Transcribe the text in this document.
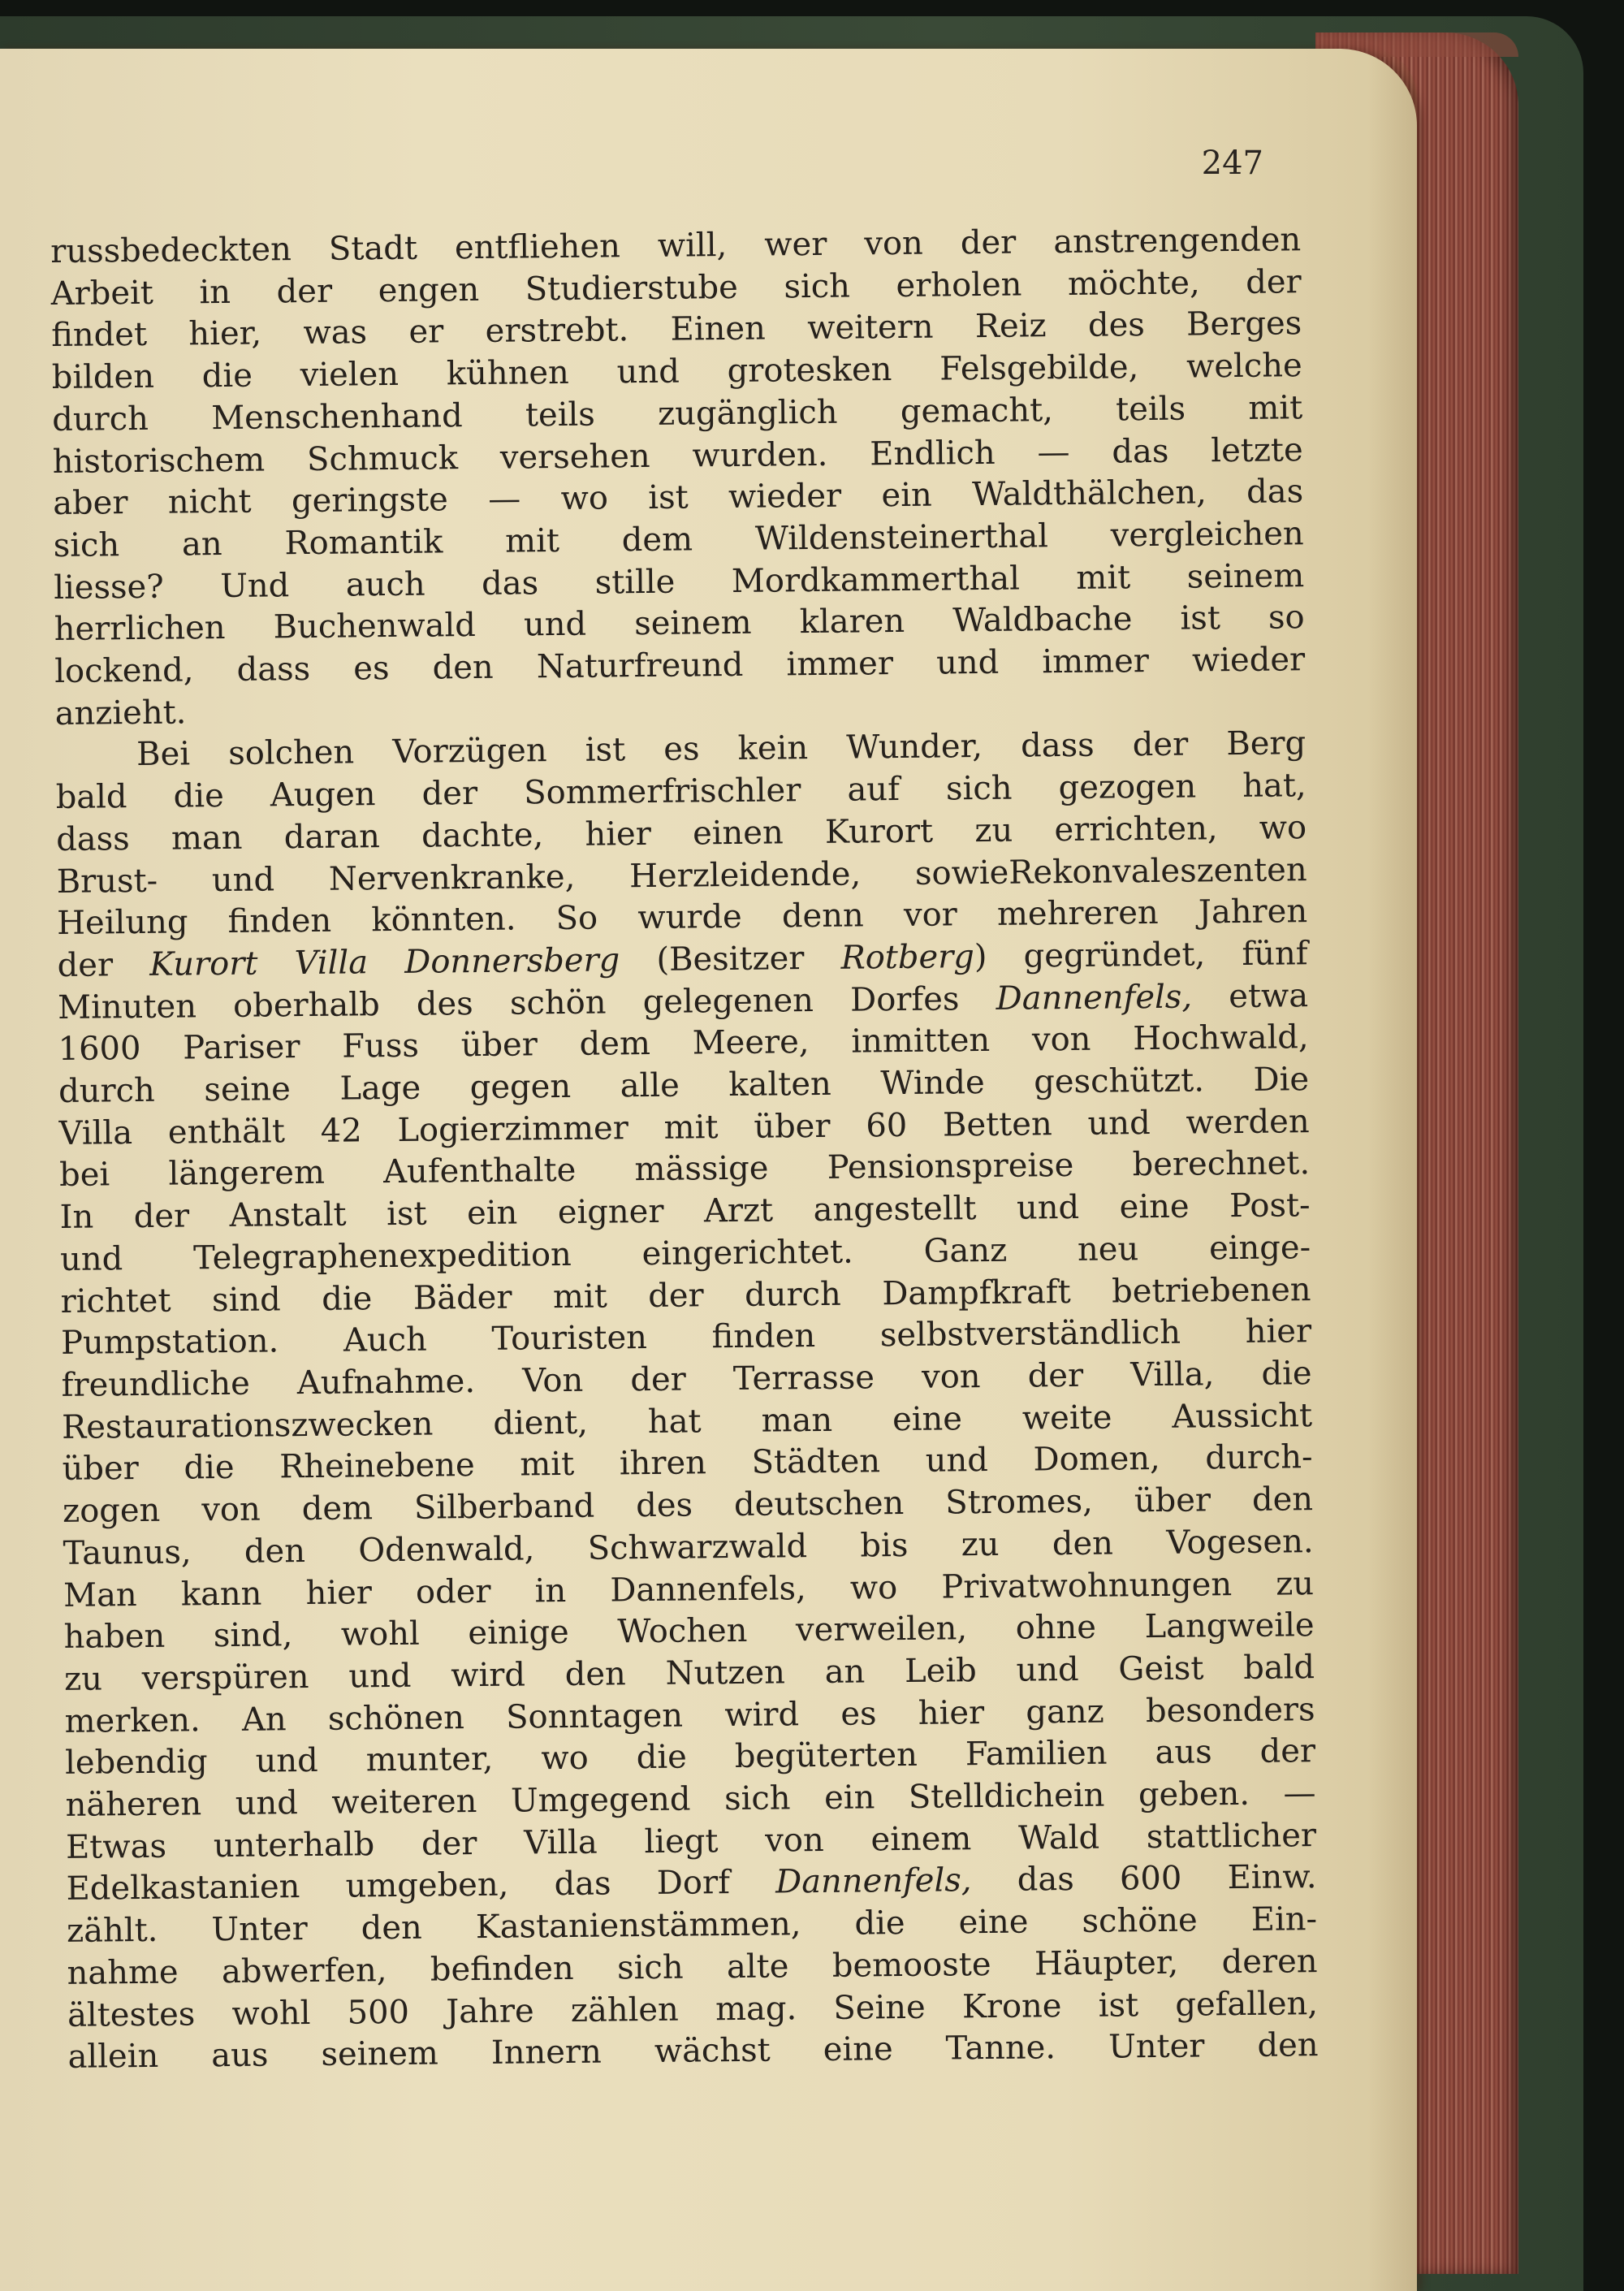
247
russbedeckten Stadt entfliehen will, wer von der anstrengenden
Arbeit in der engen Studierstube sich erholen möchte, der
findet hier, was er erstrebt. Einen weitern Reiz des Berges
bilden die vielen kühnen und grotesken Felsgebilde, welche
durch Menschenhand teils zugänglich gemacht, teils mit
historischem Schmuck versehen wurden. Endlich — das letzte
aber nicht geringste — wo ist wieder ein Waldthälchen, das
sich an Romantik mit dem Wildensteinerthal vergleichen
liesse? Und auch das stille Mordkammerthal mit seinem
herrlichen Buchenwald und seinem klaren Waldbache ist so
lockend, dass es den Naturfreund immer und immer wieder
anzieht.
Bei solchen Vorzügen ist es kein Wunder, dass der Berg
bald die Augen der Sommerfrischler auf sich gezogen hat,
dass man daran dachte, hier einen Kurort zu errichten, wo
Brust- und Nervenkranke, Herzleidende, sowieRekonvaleszenten
Heilung finden könnten. So wurde denn vor mehreren Jahren
der Kurort Villa Donnersberg (Besitzer Rotberg) gegründet, fünf
Minuten oberhalb des schön gelegenen Dorfes Dannenfels, etwa
1600 Pariser Fuss über dem Meere, inmitten von Hochwald,
durch seine Lage gegen alle kalten Winde geschützt. Die
Villa enthält 42 Logierzimmer mit über 60 Betten und werden
bei längerem Aufenthalte mässige Pensionspreise berechnet.
In der Anstalt ist ein eigner Arzt angestellt und eine Post-
und Telegraphenexpedition eingerichtet. Ganz neu einge-
richtet sind die Bäder mit der durch Dampfkraft betriebenen
Pumpstation. Auch Touristen finden selbstverständlich hier
freundliche Aufnahme. Von der Terrasse von der Villa, die
Restaurationszwecken dient, hat man eine weite Aussicht
über die Rheinebene mit ihren Städten und Domen, durch-
zogen von dem Silberband des deutschen Stromes, über den
Taunus, den Odenwald, Schwarzwald bis zu den Vogesen.
Man kann hier oder in Dannenfels, wo Privatwohnungen zu
haben sind, wohl einige Wochen verweilen, ohne Langweile
zu verspüren und wird den Nutzen an Leib und Geist bald
merken. An schönen Sonntagen wird es hier ganz besonders
lebendig und munter, wo die begüterten Familien aus der
näheren und weiteren Umgegend sich ein Stelldichein geben. —
Etwas unterhalb der Villa liegt von einem Wald stattlicher
Edelkastanien umgeben, das Dorf Dannenfels, das 600 Einw.
zählt. Unter den Kastanienstämmen, die eine schöne Ein-
nahme abwerfen, befinden sich alte bemooste Häupter, deren
ältestes wohl 500 Jahre zählen mag. Seine Krone ist gefallen,
allein aus seinem Innern wächst eine Tanne. Unter den
